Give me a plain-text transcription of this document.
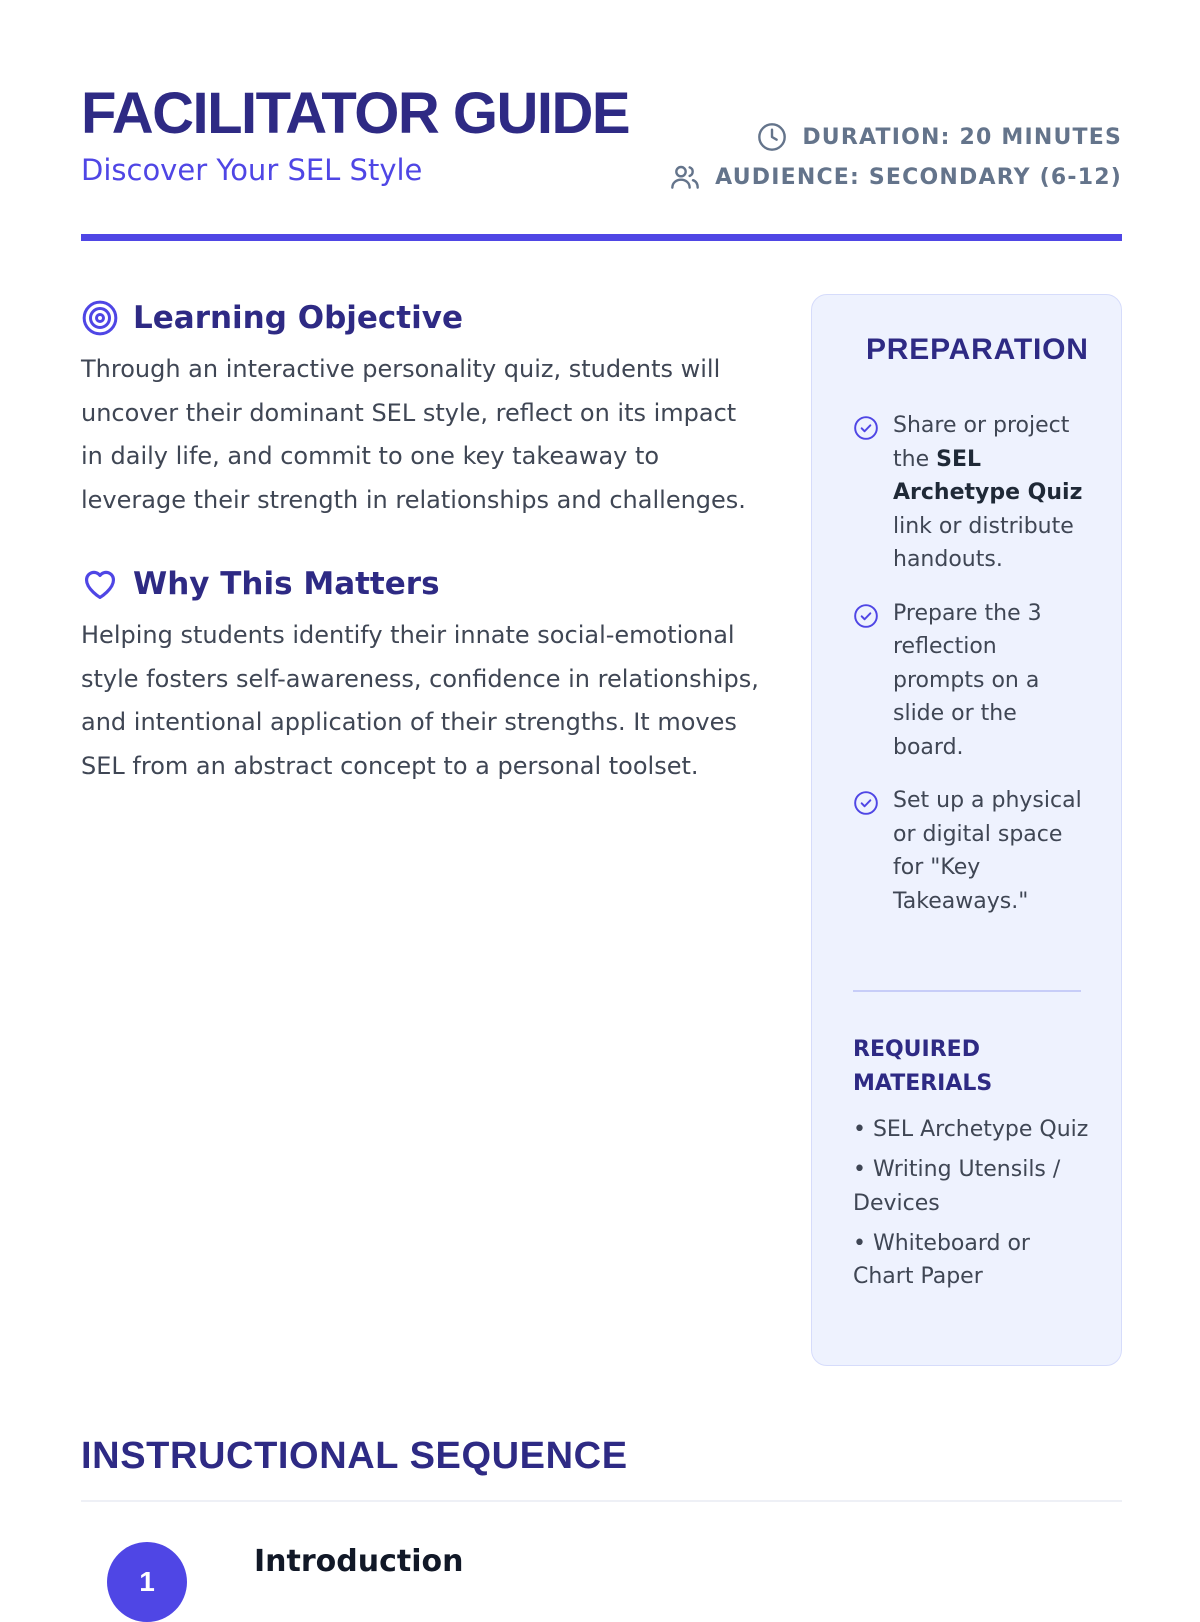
FACILITATOR GUIDE
Discover Your SEL Style
DURATION: 20 MINUTES
AUDIENCE: SECONDARY (6-12)
Learning Objective

Through an interactive personality quiz, students will uncover their dominant SEL style, reflect on its impact in daily life, and commit to one key takeaway to leverage their strength in relationships and challenges.

Why This Matters

Helping students identify their innate social-emotional style fosters self-awareness, confidence in relationships, and intentional application of their strengths. It moves SEL from an abstract concept to a personal toolset.

PREPARATION
Share or project the SEL Archetype Quiz link or distribute handouts.
Prepare the 3 reflection prompts on a slide or the board.
Set up a physical or digital space for "Key Takeaways."
REQUIRED MATERIALS
• SEL Archetype Quiz
• Writing Utensils / Devices
• Whiteboard or Chart Paper
INSTRUCTIONAL SEQUENCE
1
Introduction
